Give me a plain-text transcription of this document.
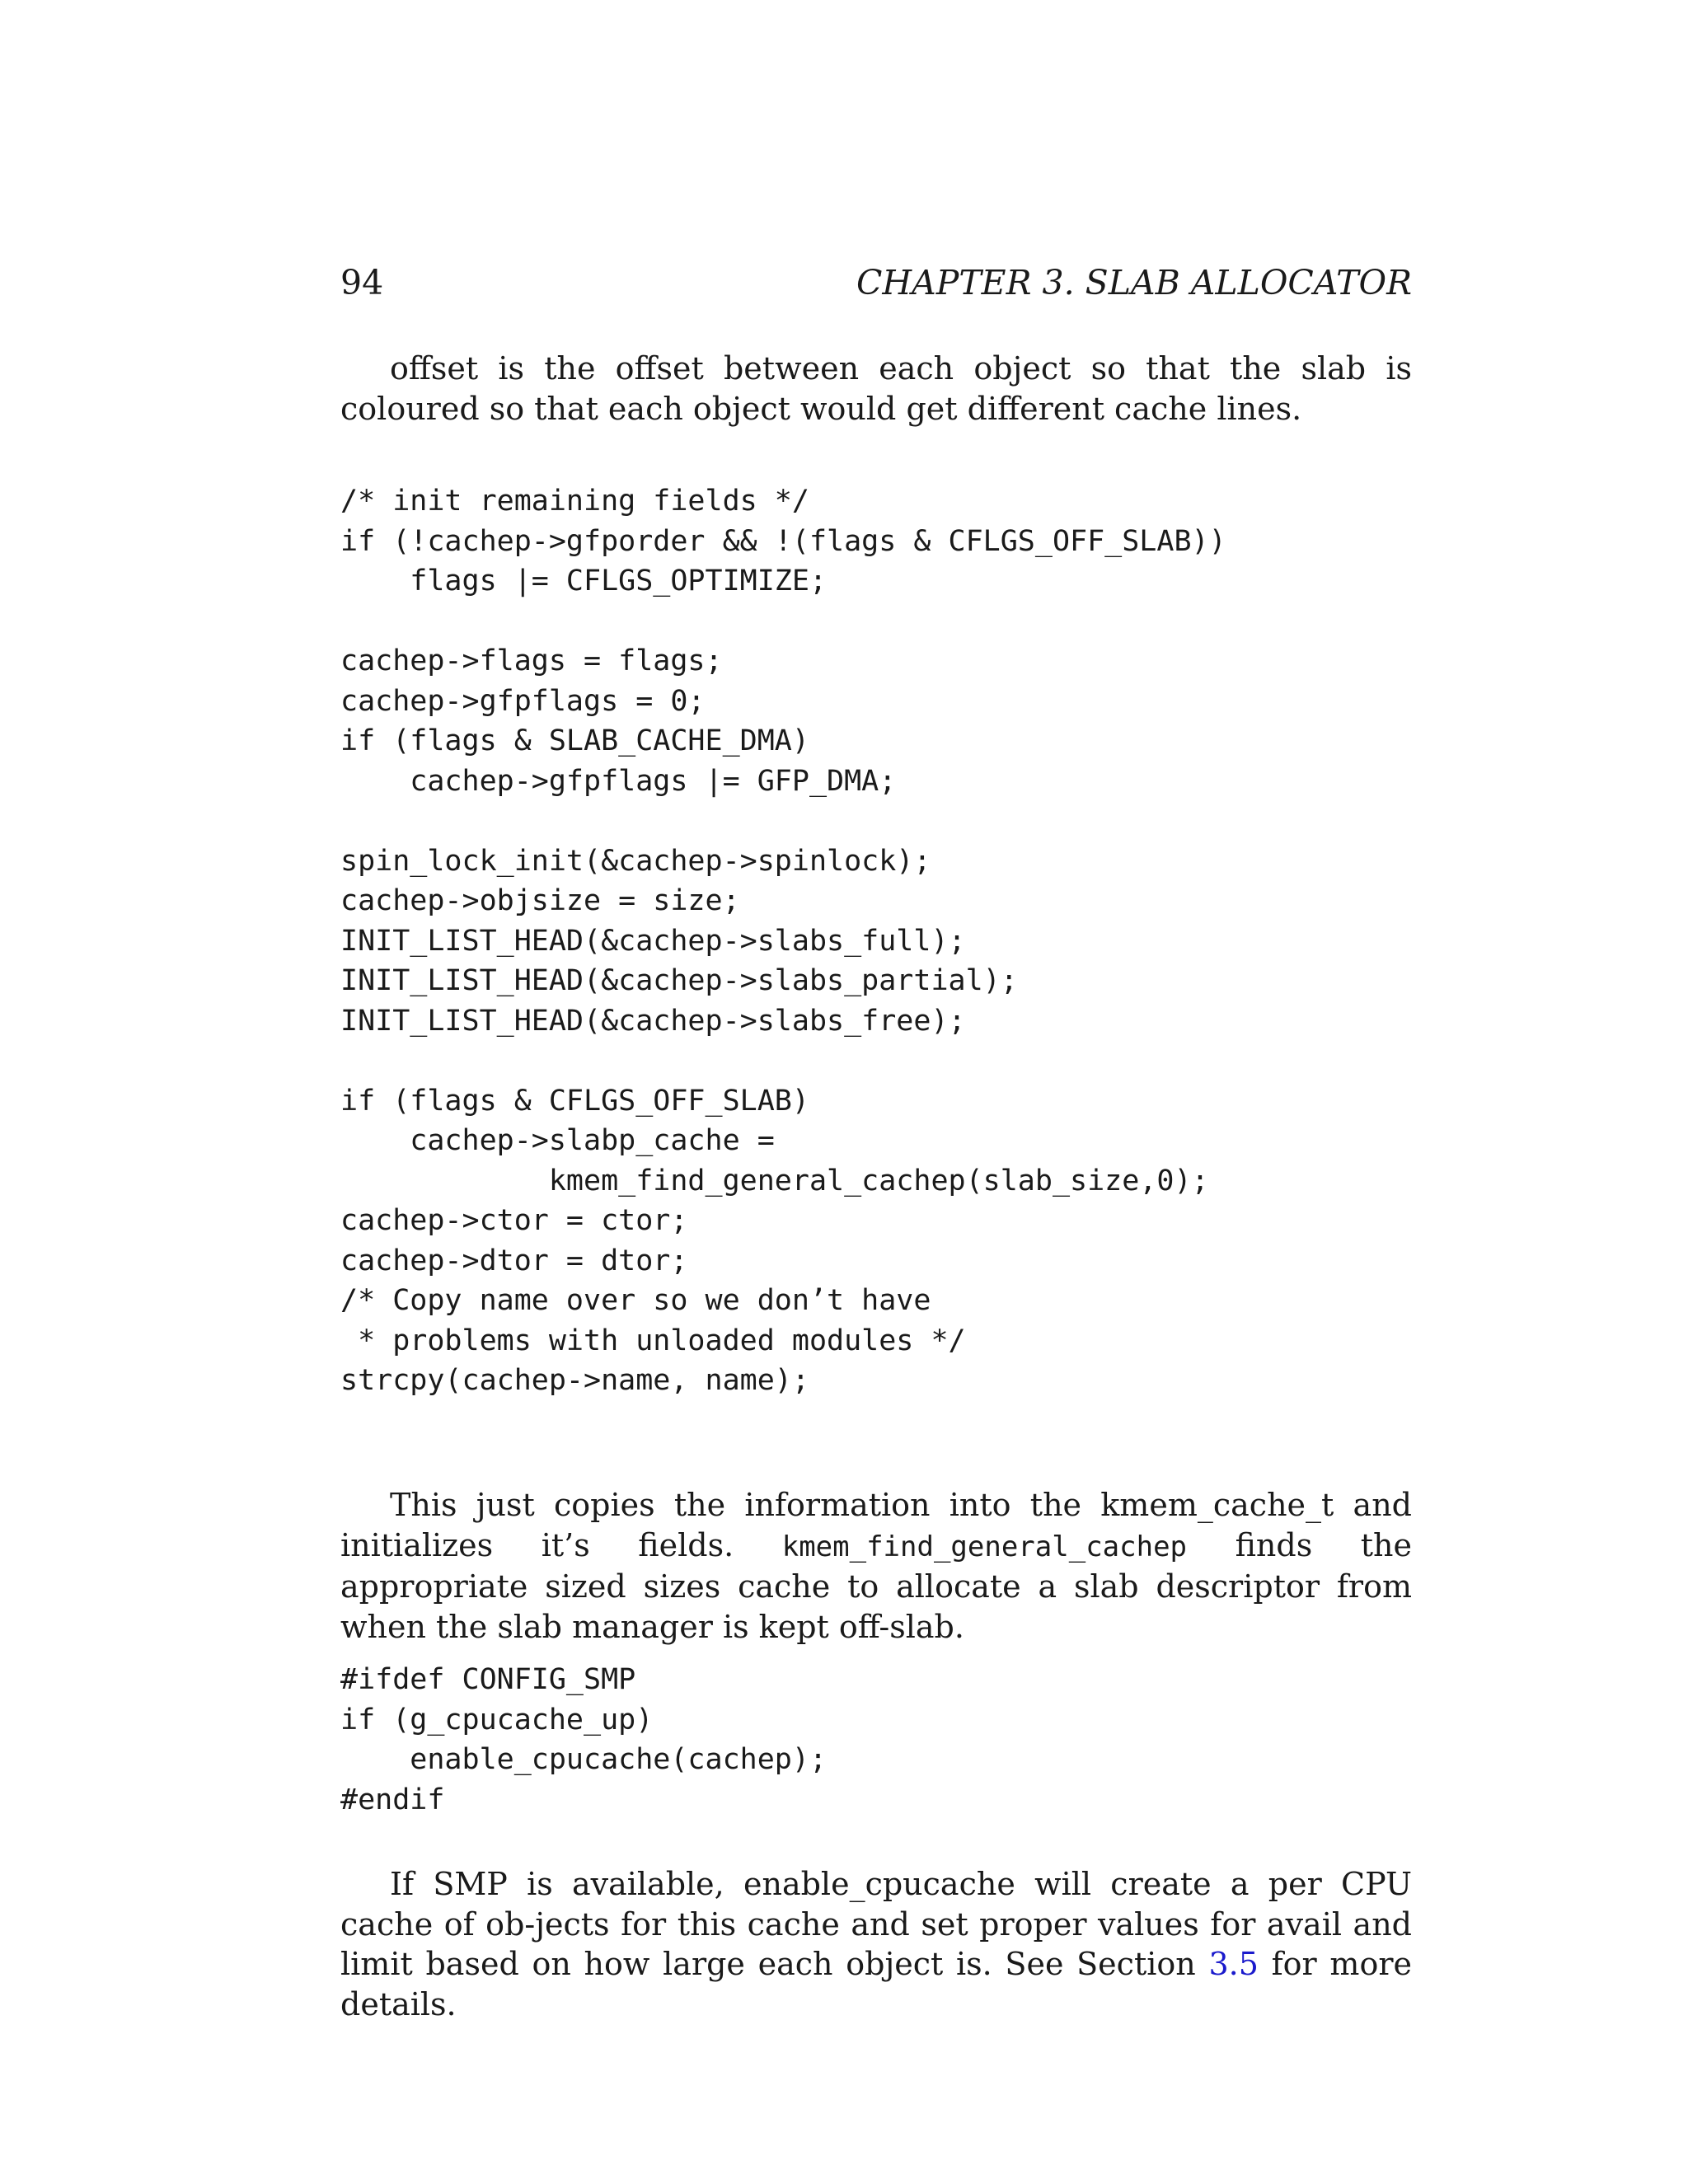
94	CHAPTER 3. SLAB ALLOCATOR

offset is the offset between each object so that the slab is coloured so that each object would get different cache lines.

/* init remaining fields */
if (!cachep->gfporder && !(flags & CFLGS_OFF_SLAB))
flags |= CFLGS_OPTIMIZE;
cachep->flags = flags;
cachep->gfpflags = 0;
if (flags & SLAB_CACHE_DMA)
cachep->gfpflags |= GFP_DMA;
spin_lock_init(&cachep->spinlock);
cachep->objsize = size;
INIT_LIST_HEAD(&cachep->slabs_full);
INIT_LIST_HEAD(&cachep->slabs_partial);
INIT_LIST_HEAD(&cachep->slabs_free);
if (flags & CFLGS_OFF_SLAB)
cachep->slabp_cache =
kmem_find_general_cachep(slab_size,0);
cachep->ctor = ctor;
cachep->dtor = dtor;
/* Copy name over so we don’t have
* problems with unloaded modules */
strcpy(cachep->name, name);

This just copies the information into the kmem_cache_t and initializes it’s fields. kmem_find_general_cachep finds the appropriate sized sizes cache to allocate a slab descriptor from when the slab manager is kept off-slab.

#ifdef CONFIG_SMP
if (g_cpucache_up)
enable_cpucache(cachep);
#endif

If SMP is available, enable_cpucache will create a per CPU cache of ob-jects for this cache and set proper values for avail and limit based on how large each object is. See Section 3.5 for more details.
